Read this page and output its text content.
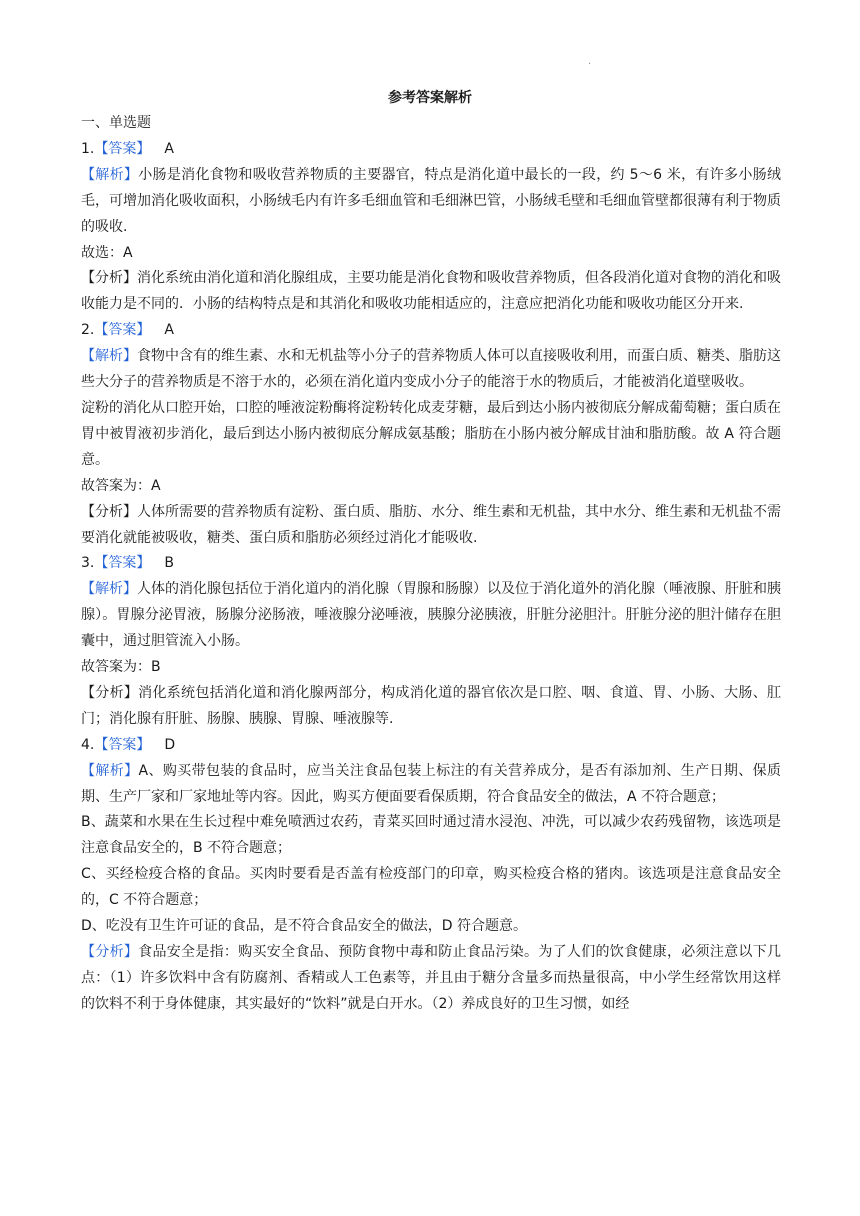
.
参考答案解析

一、单选题

1.【答案】 A

【解析】小肠是消化食物和吸收营养物质的主要器官，特点是消化道中最长的一段，约 5～6 米，有许多小肠绒毛，可增加消化吸收面积，小肠绒毛内有许多毛细血管和毛细淋巴管，小肠绒毛壁和毛细血管壁都很薄有利于物质的吸收.

故选：A

【分析】消化系统由消化道和消化腺组成，主要功能是消化食物和吸收营养物质，但各段消化道对食物的消化和吸收能力是不同的．小肠的结构特点是和其消化和吸收功能相适应的，注意应把消化功能和吸收功能区分开来.

2.【答案】 A

【解析】食物中含有的维生素、水和无机盐等小分子的营养物质人体可以直接吸收利用，而蛋白质、糖类、脂肪这些大分子的营养物质是不溶于水的，必须在消化道内变成小分子的能溶于水的物质后，才能被消化道壁吸收。

淀粉的消化从口腔开始，口腔的唾液淀粉酶将淀粉转化成麦芽糖，最后到达小肠内被彻底分解成葡萄糖；蛋白质在胃中被胃液初步消化，最后到达小肠内被彻底分解成氨基酸；脂肪在小肠内被分解成甘油和脂肪酸。故 A 符合题意。

故答案为：A

【分析】人体所需要的营养物质有淀粉、蛋白质、脂肪、水分、维生素和无机盐，其中水分、维生素和无机盐不需要消化就能被吸收，糖类、蛋白质和脂肪必须经过消化才能吸收.

3.【答案】 B

【解析】人体的消化腺包括位于消化道内的消化腺（胃腺和肠腺）以及位于消化道外的消化腺（唾液腺、肝脏和胰腺）。胃腺分泌胃液，肠腺分泌肠液，唾液腺分泌唾液，胰腺分泌胰液，肝脏分泌胆汁。肝脏分泌的胆汁储存在胆囊中，通过胆管流入小肠。

故答案为：B

【分析】消化系统包括消化道和消化腺两部分，构成消化道的器官依次是口腔、咽、食道、胃、小肠、大肠、肛门；消化腺有肝脏、肠腺、胰腺、胃腺、唾液腺等.

4.【答案】 D

【解析】A、购买带包装的食品时，应当关注食品包装上标注的有关营养成分，是否有添加剂、生产日期、保质期、生产厂家和厂家地址等内容。因此，购买方便面要看保质期，符合食品安全的做法，A 不符合题意；

B、蔬菜和水果在生长过程中难免喷洒过农药，青菜买回时通过清水浸泡、冲洗，可以减少农药残留物，该选项是注意食品安全的，B 不符合题意；

C、买经检疫合格的食品。买肉时要看是否盖有检疫部门的印章，购买检疫合格的猪肉。该选项是注意食品安全的，C 不符合题意；

D、吃没有卫生许可证的食品，是不符合食品安全的做法，D 符合题意。

【分析】食品安全是指：购买安全食品、预防食物中毒和防止食品污染。为了人们的饮食健康，必须注意以下几点：（1）许多饮料中含有防腐剂、香精或人工色素等，并且由于糖分含量多而热量很高，中小学生经常饮用这样的饮料不利于身体健康，其实最好的“饮料”就是白开水。（2）养成良好的卫生习惯，如经
